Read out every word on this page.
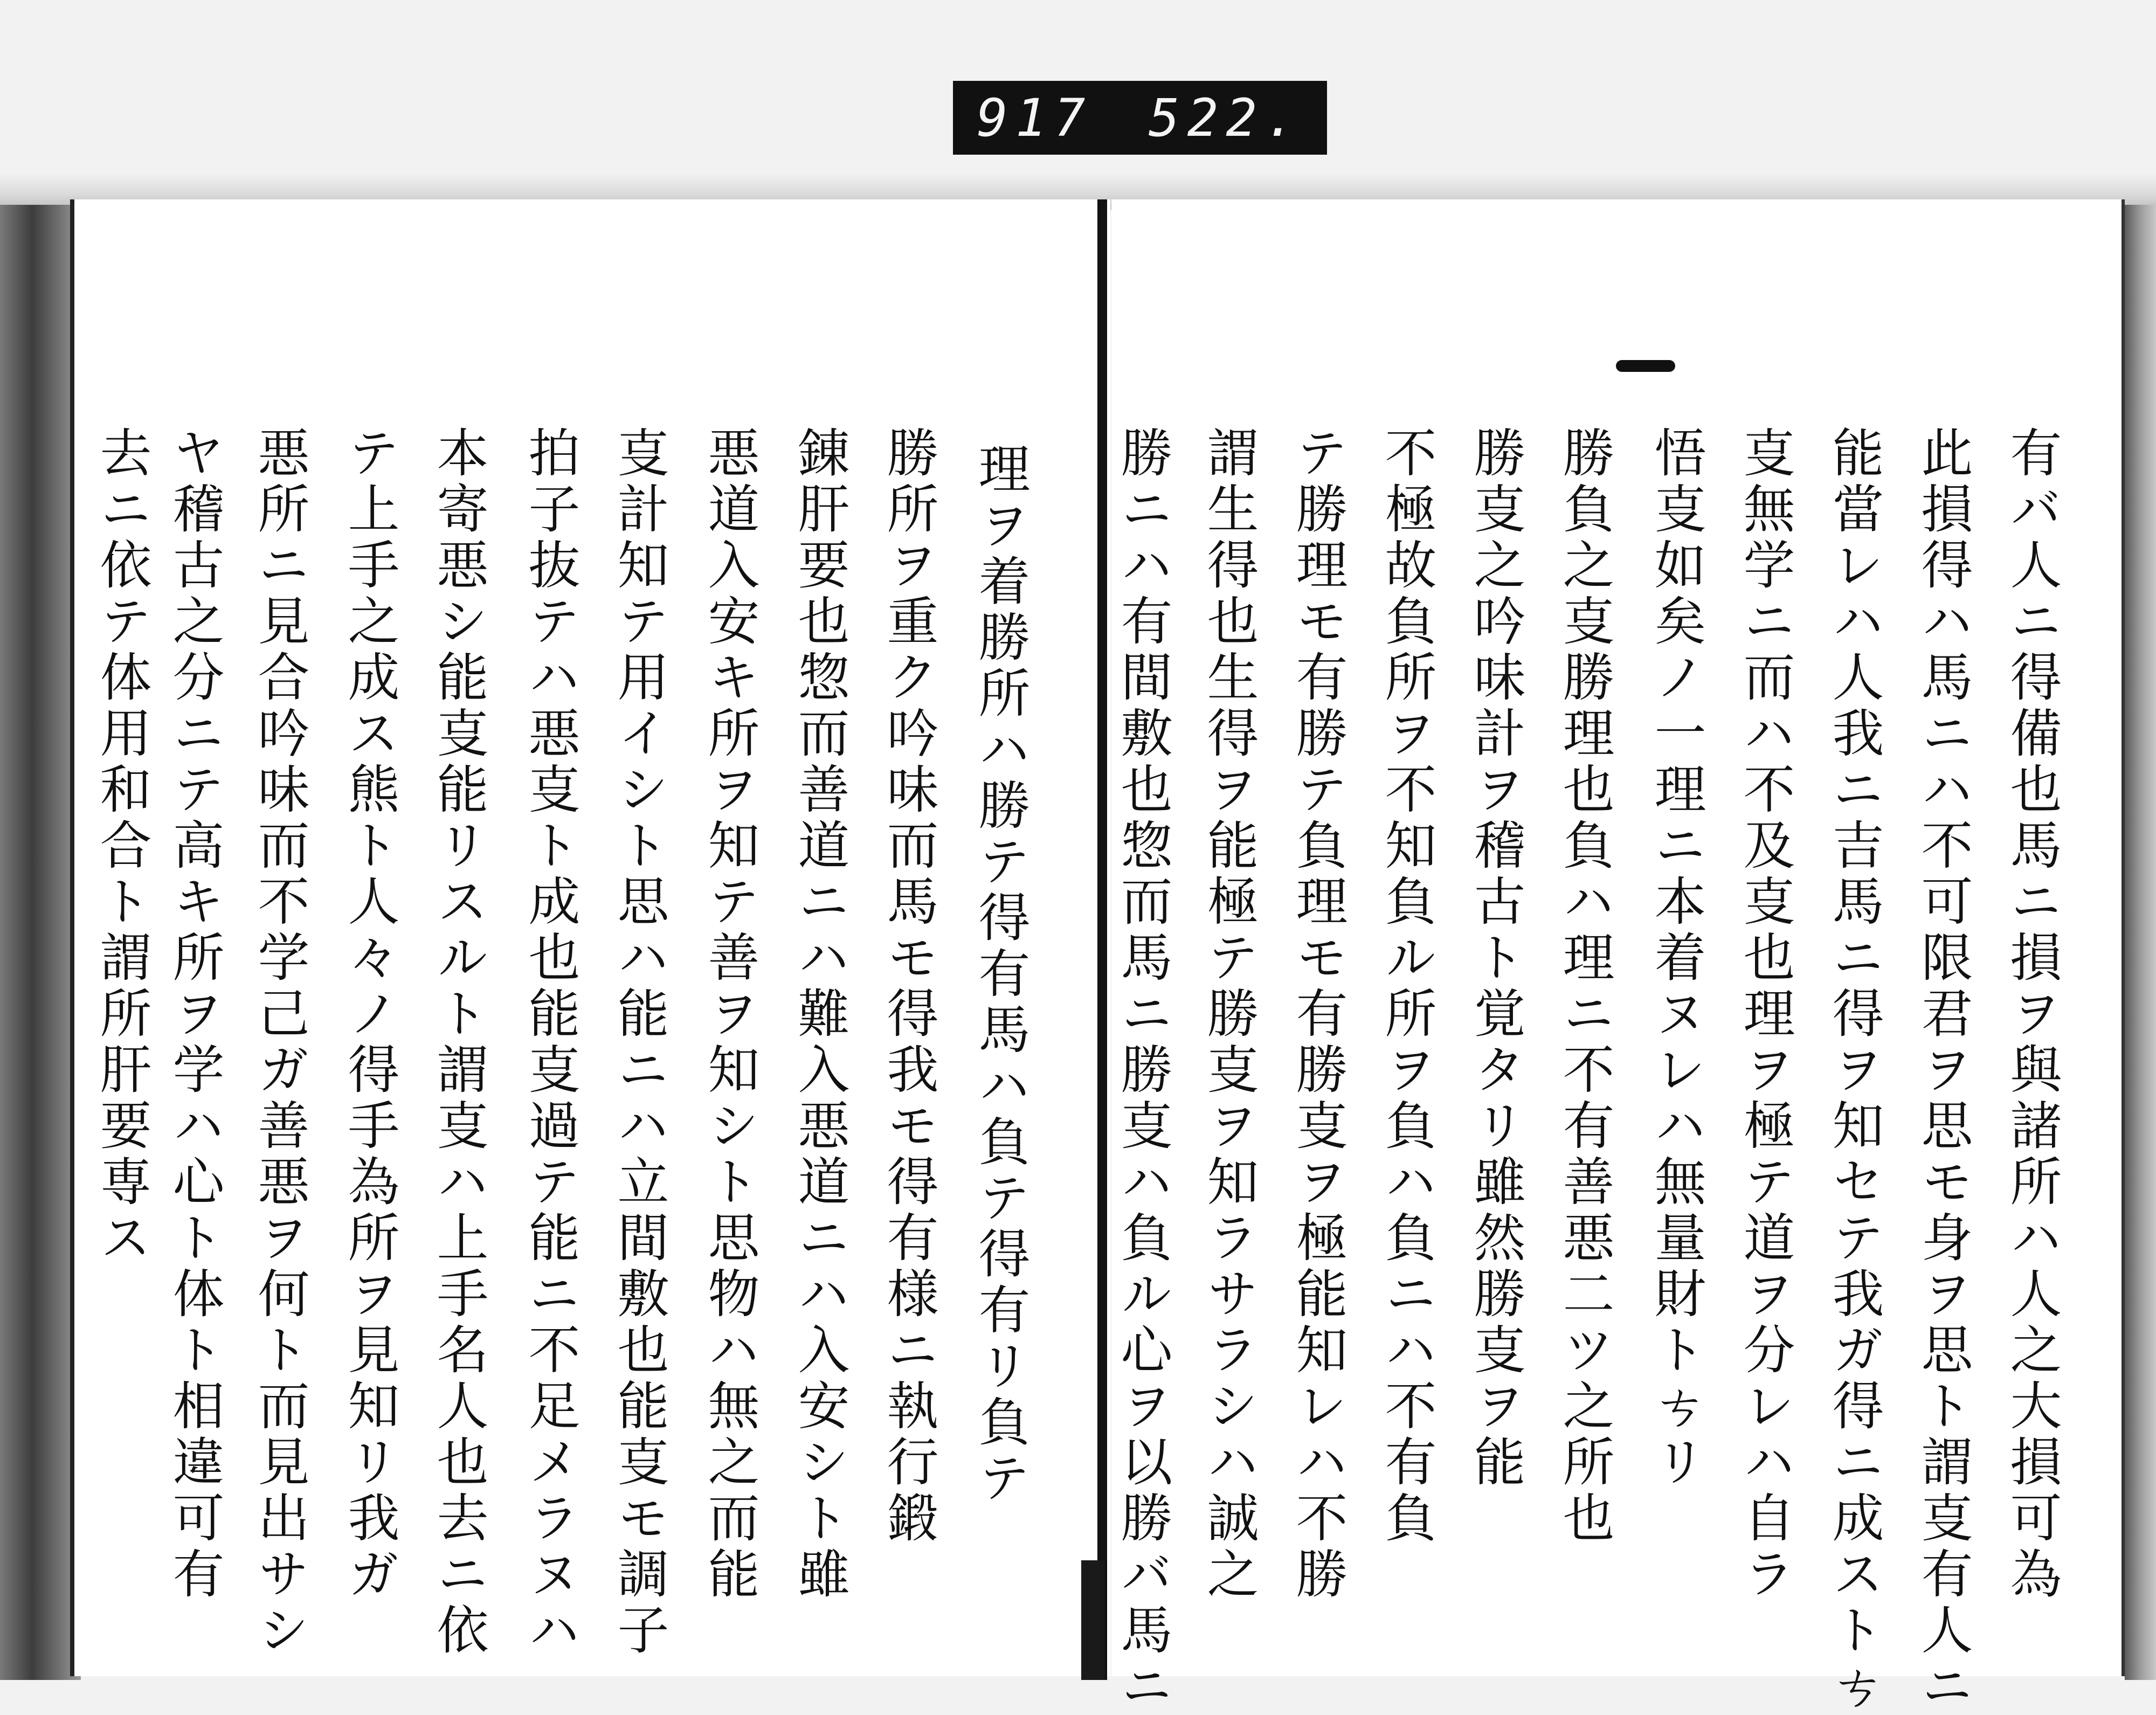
917 522.

理ヲ着勝所ハ勝テ得有馬ハ負テ得有リ負テ

勝所ヲ重ク吟味而馬モ得我モ得有様ニ執行鍛

錬肝要也惣而善道ニハ難入悪道ニハ入安シト雖

悪道入安キ所ヲ知テ善ヲ知シト思物ハ無之而能

㕝計知テ用イシト思ハ能ニハ立間敷也能㕝モ調子

拍子抜テハ悪㕝ト成也能㕝過テ能ニ不足メラヌハ

本寄悪シ能㕝能リスルト謂㕝ハ上手名人也去ニ依

テ上手之成ス熊ト人々ノ得手為所ヲ見知リ我ガ

悪所ニ見合吟味而不学己ガ善悪ヲ何ト而見出サシ

ヤ稽古之分ニテ高キ所ヲ学ハ心ト体ト相違可有

去ニ依テ体用和合ト謂所肝要専ス	有バ人ニ得備也馬ニ損ヲ與諸所ハ人之大損可為

此損得ハ馬ニハ不可限君ヲ思モ身ヲ思ト謂㕝有人ニ

能當レハ人我ニ吉馬ニ得ヲ知セテ我ガ得ニ成ストㄘ

㕝無学ニ而ハ不及㕝也理ヲ極テ道ヲ分レハ自ラ

悟㕝如矣ノ一理ニ本着ヌレハ無量財トㄘリ

勝負之㕝勝理也負ハ理ニ不有善悪二ツ之所也

勝㕝之吟味計ヲ稽古ト覚タリ雖然勝㕝ヲ能

不極故負所ヲ不知負ル所ヲ負ハ負ニハ不有負

テ勝理モ有勝テ負理モ有勝㕝ヲ極能知レハ不勝

謂生得也生得ヲ能極テ勝㕝ヲ知ラサラシハ誠之

勝ニハ有間敷也惣而馬ニ勝㕝ハ負ル心ヲ以勝バ馬ニ
